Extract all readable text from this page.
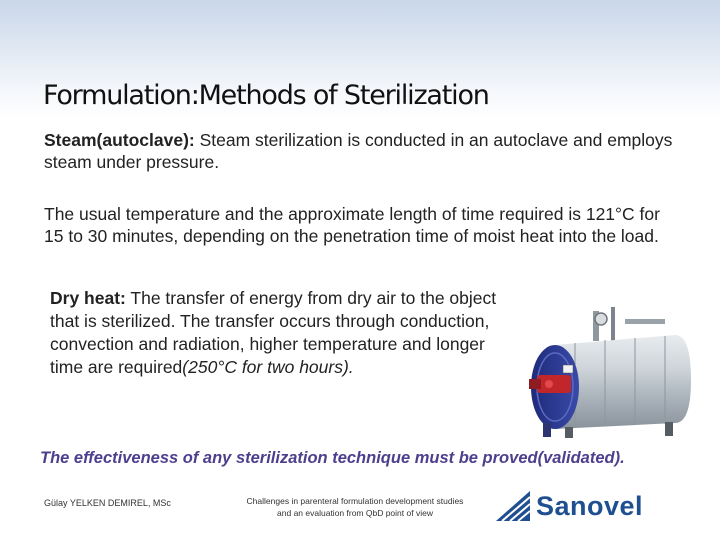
Formulation:Methods of Sterilization

Steam(autoclave): Steam sterilization is conducted in an autoclave and employs steam under pressure.

The usual temperature and the approximate length of time required is 121°C for 15 to 30 minutes, depending on the penetration time of moist heat into the load.

Dry heat: The transfer of energy from dry air to the object that is sterilized. The transfer occurs through conduction, convection and radiation, higher temperature and longer time are required(250°C for two hours).

The effectiveness of any sterilization technique must be proved(validated).

Gülay YELKEN DEMIREL, MSc	Challenges in parenteral formulation development studies and an evaluation from QbD point of view	Sanovel
